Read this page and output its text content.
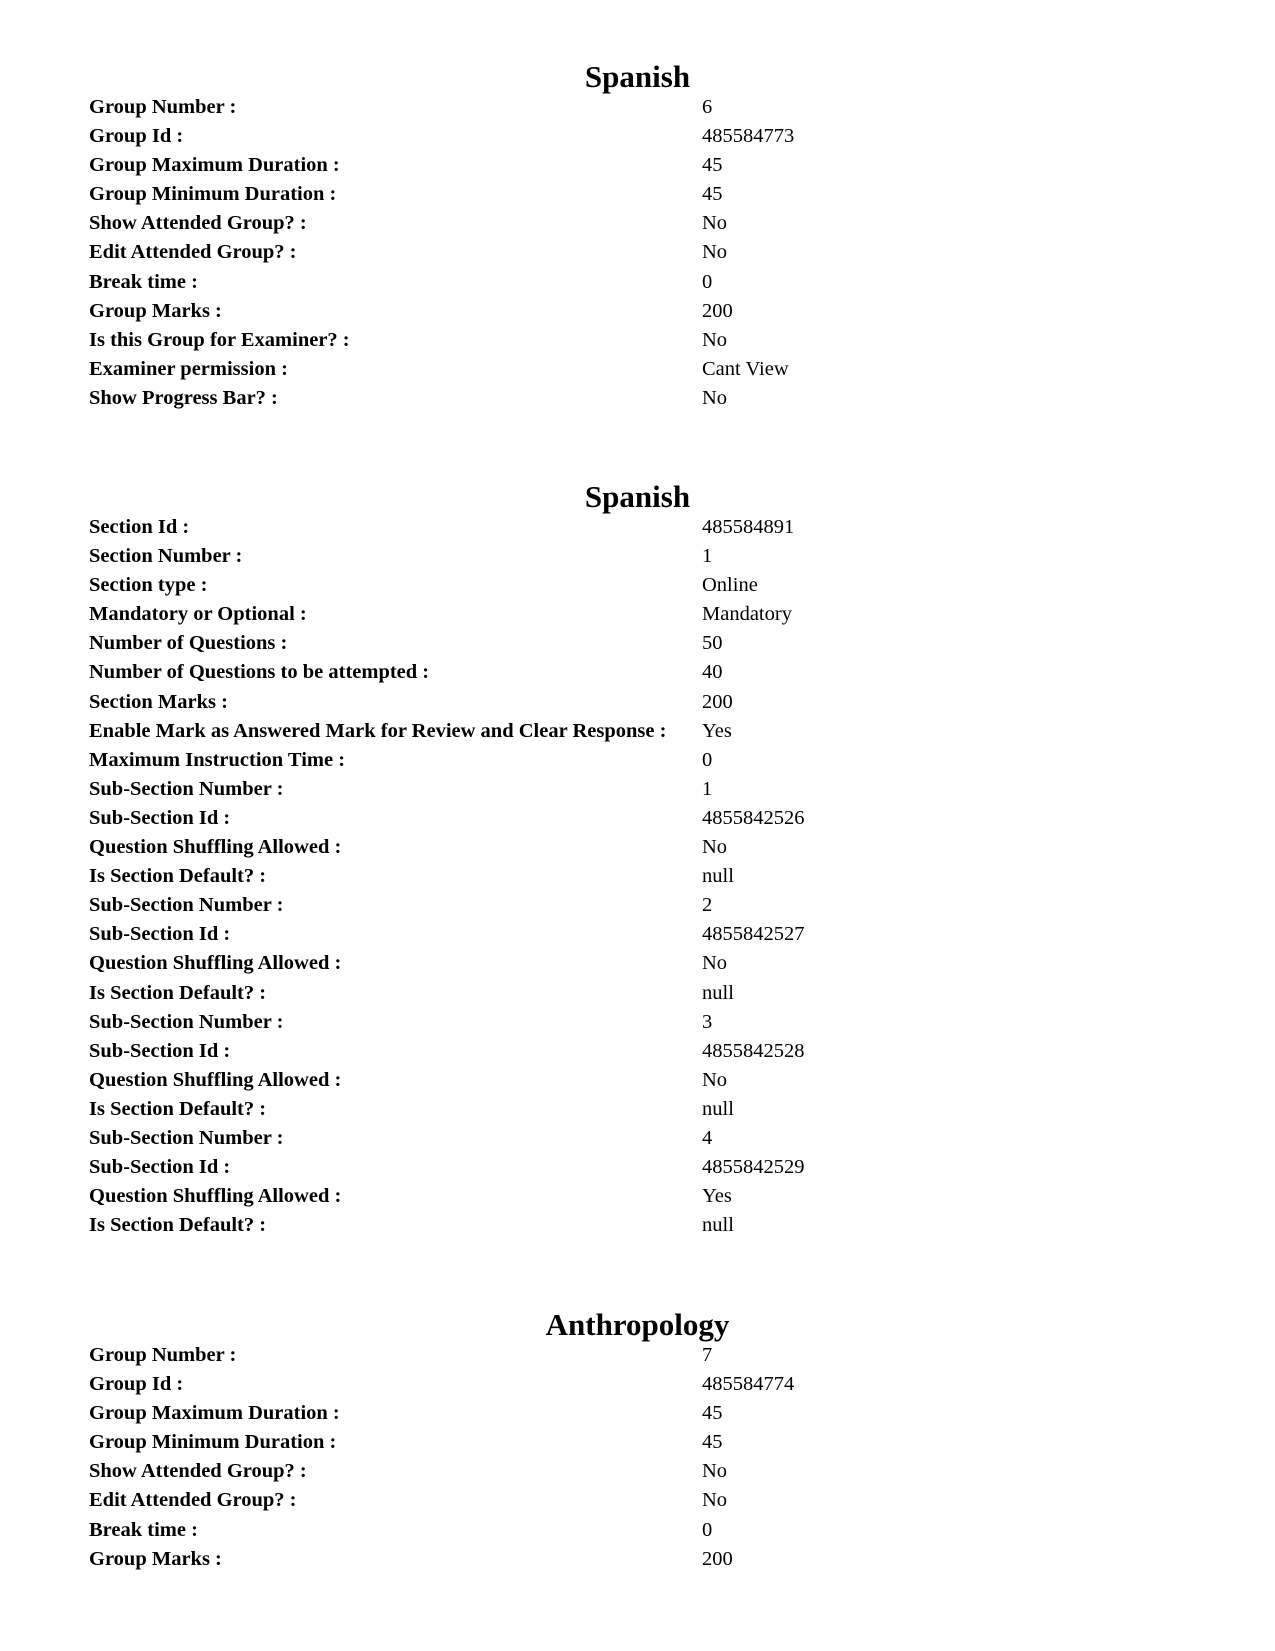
Spanish
Group Number :	6
Group Id :	485584773
Group Maximum Duration :	45
Group Minimum Duration :	45
Show Attended Group? :	No
Edit Attended Group? :	No
Break time :	0
Group Marks :	200
Is this Group for Examiner? :	No
Examiner permission :	Cant View
Show Progress Bar? :	No
Spanish
Section Id :	485584891
Section Number :	1
Section type :	Online
Mandatory or Optional :	Mandatory
Number of Questions :	50
Number of Questions to be attempted :	40
Section Marks :	200
Enable Mark as Answered Mark for Review and Clear Response : Yes
Maximum Instruction Time :	0
Sub-Section Number :	1
Sub-Section Id :	4855842526
Question Shuffling Allowed :	No
Is Section Default? :	null
Sub-Section Number :	2
Sub-Section Id :	4855842527
Question Shuffling Allowed :	No
Is Section Default? :	null
Sub-Section Number :	3
Sub-Section Id :	4855842528
Question Shuffling Allowed :	No
Is Section Default? :	null
Sub-Section Number :	4
Sub-Section Id :	4855842529
Question Shuffling Allowed :	Yes
Is Section Default? :	null
Anthropology
Group Number :	7
Group Id :	485584774
Group Maximum Duration :	45
Group Minimum Duration :	45
Show Attended Group? :	No
Edit Attended Group? :	No
Break time :	0
Group Marks :	200
